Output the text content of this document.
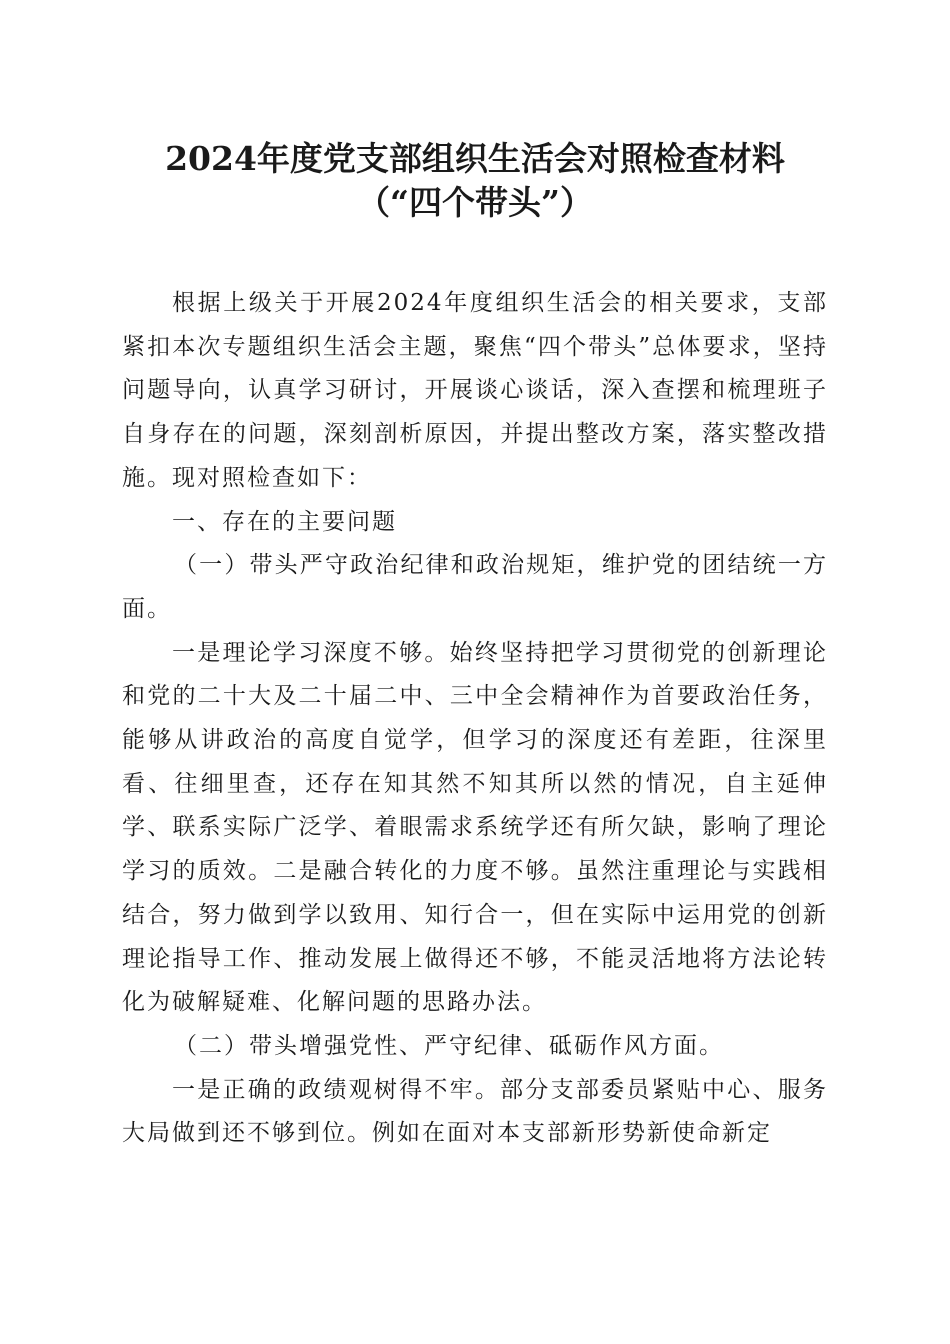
2024年度党支部组织生活会对照检查材料
（“四个带头”）

根据上级关于开展2024年度组织生活会的相关要求，支部紧扣本次专题组织生活会主题，聚焦“四个带头”总体要求，坚持问题导向，认真学习研讨，开展谈心谈话，深入查摆和梳理班子自身存在的问题，深刻剖析原因，并提出整改方案，落实整改措施。现对照检查如下：

一、存在的主要问题

（一）带头严守政治纪律和政治规矩，维护党的团结统一方面。

一是理论学习深度不够。始终坚持把学习贯彻党的创新理论和党的二十大及二十届二中、三中全会精神作为首要政治任务，能够从讲政治的高度自觉学，但学习的深度还有差距，往深里看、往细里查，还存在知其然不知其所以然的情况，自主延伸学、联系实际广泛学、着眼需求系统学还有所欠缺，影响了理论学习的质效。二是融合转化的力度不够。虽然注重理论与实践相结合，努力做到学以致用、知行合一，但在实际中运用党的创新理论指导工作、推动发展上做得还不够，不能灵活地将方法论转化为破解疑难、化解问题的思路办法。

（二）带头增强党性、严守纪律、砥砺作风方面。

一是正确的政绩观树得不牢。部分支部委员紧贴中心、服务大局做到还不够到位。例如在面对本支部新形势新使命新定
